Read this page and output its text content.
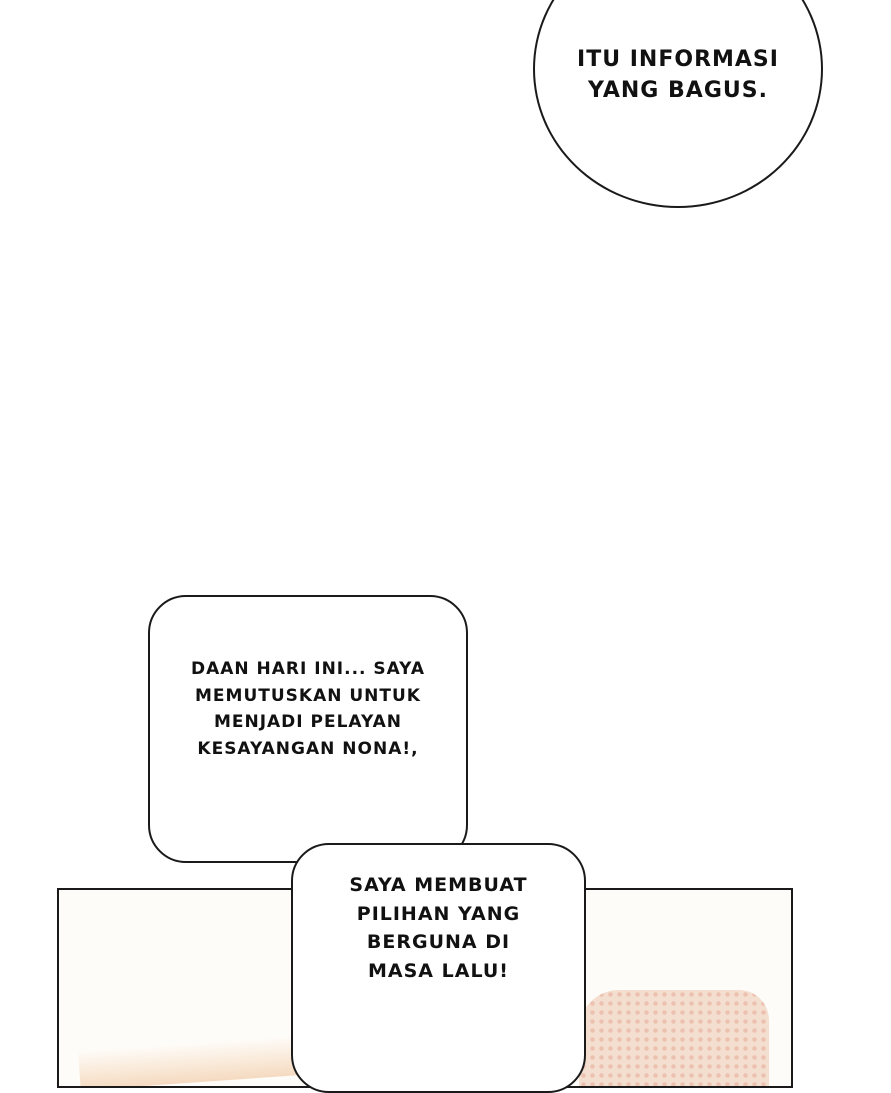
ITU INFORMASI
YANG BAGUS.
DAAN HARI INI... SAYA
MEMUTUSKAN UNTUK
MENJADI PELAYAN
KESAYANGAN NONA!,
SAYA MEMBUAT
PILIHAN YANG
BERGUNA DI
MASA LALU!
